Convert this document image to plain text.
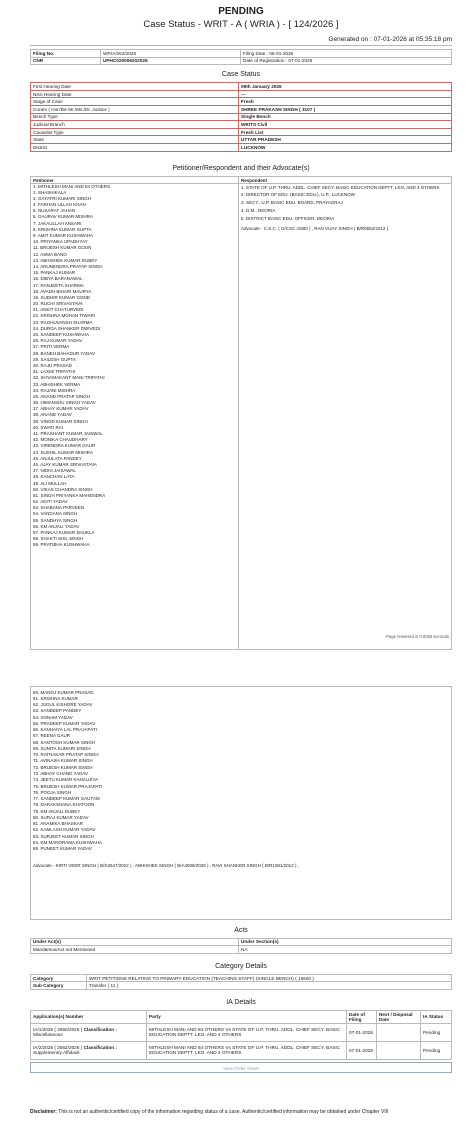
PENDING
Case Status - WRIT - A ( WRIA ) - [ 124/2026 ]
Generated on : 07-01-2026 at 05:35:18 pm
Filing No.	WRIA/263/2026	Filing Date : 06-01-2026
CNR	UPHC020006202026	Date of Registration : 07-01-2026
Case Status
First Hearing Date	09th January 2026
Next Hearing Date	---
Stage of Case	Fresh
Coram ( Hon'ble Mr./Ms./Dr. Justice )	SHREE PRAKASH SINGH ( 3107 )
Bench Type	Single Bench
Judicial Branch	WRITS Civil
Causelist Type	Fresh List
State	UTTAR PRADESH
District	LUCKNOW
Petitioner/Respondent and their Advocate(s)
Petitioner
1. MITHLESH MANI AND 84 OTHERS
2. SHASHIKALA
3. GAYATRI KUMARI SINGH
4. FARHAN ULLAH KHAN
5. NUSARAT JAHAN
6. GAURAV KUMAR MISHRA
7. JAKAULLAH ANSARI
8. KRISHNA KUMAR GUPTA
9. AMIT KUMAR KUSHWAHA
10. PRIYANKA UPADHYAY
11. BRIJESH KUMAR GOUN
12. ASMA BANO
13. ABHISHEK KUMAR DUBEY
14. ARUNENDRA PRATAP SINGH
15. PANKAJ KUMAR
16. DIBYA BARANAWAL
17. RANJEETA SHARMA
18. AVADH BIHARI MAURYA
19. SUDHIR KUMAR GOND
20. RUCHI SRIVASTAVA
21. ANKIT CHATURVEDI
22. KRISHNA MOHAN TIWARI
23. RAGHUVANSH SHARMA
24. DURGA SHANKER DWIVEDI
25. SANDEEP KUSHWAHA
26. RAJ KUMAR YADAV
27. PRITI VERMA
28. BANEH BAHADUR YADAV
29. SAILESH GUPTA
30. RAJU PRASAD
31. LAXMI TRIPATHI
32. SHYAMAKANT MANI TRIPATHI
33. ABHISHEK VERMA
34. RAJANI MISHRA
35. ANAND PRATAP SINGH
36. HIMANSHU SINGH YADAV
37. ABHAY KUMAR YADAV
38. ANAND YADAV
39. VINOD KUMAR SINGH
40. SWATI RAI
41. PRASHANT KUMAR JAISWAL
42. MONIKA CHAUDHARY
43. VIRENDRA KUMAR GAUR
44. SUSHIL KUMAR MISHRA
45. ANJULATA PANDEY
46. AJAY KUMAR SRIVASTAVA
47. NIDHI JAISAWAL
48. KANCHAN LATA
49. ALI MULLAH
50. VIKAS CHANDRA SINGH
51. SINGH PRIYANKA MAHENDRA
52. ADITI YADAV
53. SHABANA PARVEEN
54. VANDANA SINGH
55. SANDHYA SINGH
56. KM ANJALI YADAV
57. PANKAJ KUMAR SHUKLA
58. SHAKTI SHIL SINGH
59. PRATIBHA KUSHWAHA
Respondent
1. STATE OF U.P. THRU. ADDL. CHIEF SECY. BASIC EDUCATION DEPTT. LKO. AND 4 OTHERS
2. DIRECTOR OF EDU. (BASIC EDU.), U.P., LUCKNOW
3. SECY., U.P. BASIC EDU. BOARD, PRAYAGRAJ
4. D.M., DEORIA
5. DISTRICT BASIC EDU. OFFICER, DEORIA
Advocate - C.S.C. ( G/CSC /1900 ) , RAN VIJAY SINGH ( B/R0552/2012 )
Page rendered in 0.0063 seconds
60. MANOJ KUMAR PRASAD
61. KRISHNA KUMAR
62. JUGUL KISHORE YADAV
63. SANDEEP PANDEY
64. SONAM YADAV
65. PRADEEP KUMAR YADAV
66. KANHAIYA LAL PRAJAPATI
67. REENA GAUR
68. SANTOSH KUMAR SINGH
69. SUNITA KUMARI SINGH
70. RATNAKAR PRATAP SINGH
71. AVINASH KUMAR SINGH
72. BRIJESH KUMAR SINGH
73. ABHAY CHAND YADAV
74. JEETU KUMAR KANAUJIYA
75. BRIJESH KUMAR PRAJAPATI
76. POOJA SINGH
77. SANDEEP KUMAR GAUTAM
78. DARAKSHANA KHATOON
79. KM ANJALI DUBEY
80. SURAJ KUMAR YADAV
81. ANAMIKA BHASKAR
82. KAMLASH KUMAR YADAV
83. SURJEET KUMAR SINGH
84. KM MANORAMA KUSHWAHA
85. PUNEET KUMAR YADAV
Advocate - KIRTI VEER SINGH ( B/K2547/2022 ) , ABHISHEK SINGH ( B/A4009/2025 ) , RAVI SHANKER SINGH ( B/R1081/2012 ) ,
Acts
Under Act(s)	Under Section(s)
Mandamus/Act not Mentioned	NA
Category Details
Category	WRIT PETITIONS RELATING TO PRIMARY EDUCATION (TEACHING STAFF) (SINGLE BENCH) ( 15500 )
Sub Category	Transfer ( 11 )
IA Details
Application(s) Number	Party	Date of Filing	Next / Disposal Date	IA Status
IA/1/2026 ( 2560/2026 ) Classification : Miscellaneous	MITHLESH MANI AND 84 OTHERS Vs STATE OF U.P. THRU. ADDL. CHIEF SECY. BASIC EDUCATION DEPTT. LKO. AND 4 OTHERS	07-01-2026		Pending
IA/2/2026 ( 2562/2026 ) Classification : Supplementry Affidavit	MITHLESH MANI AND 84 OTHERS Vs STATE OF U.P. THRU. ADDL. CHIEF SECY. BASIC EDUCATION DEPTT. LKO. AND 4 OTHERS	07-01-2026		Pending
View Order Sheet
Disclaimer: This is not an authentic/certified copy of the information regarding status of a case. Authentic/certified information may be obtained under Chapter VIII
